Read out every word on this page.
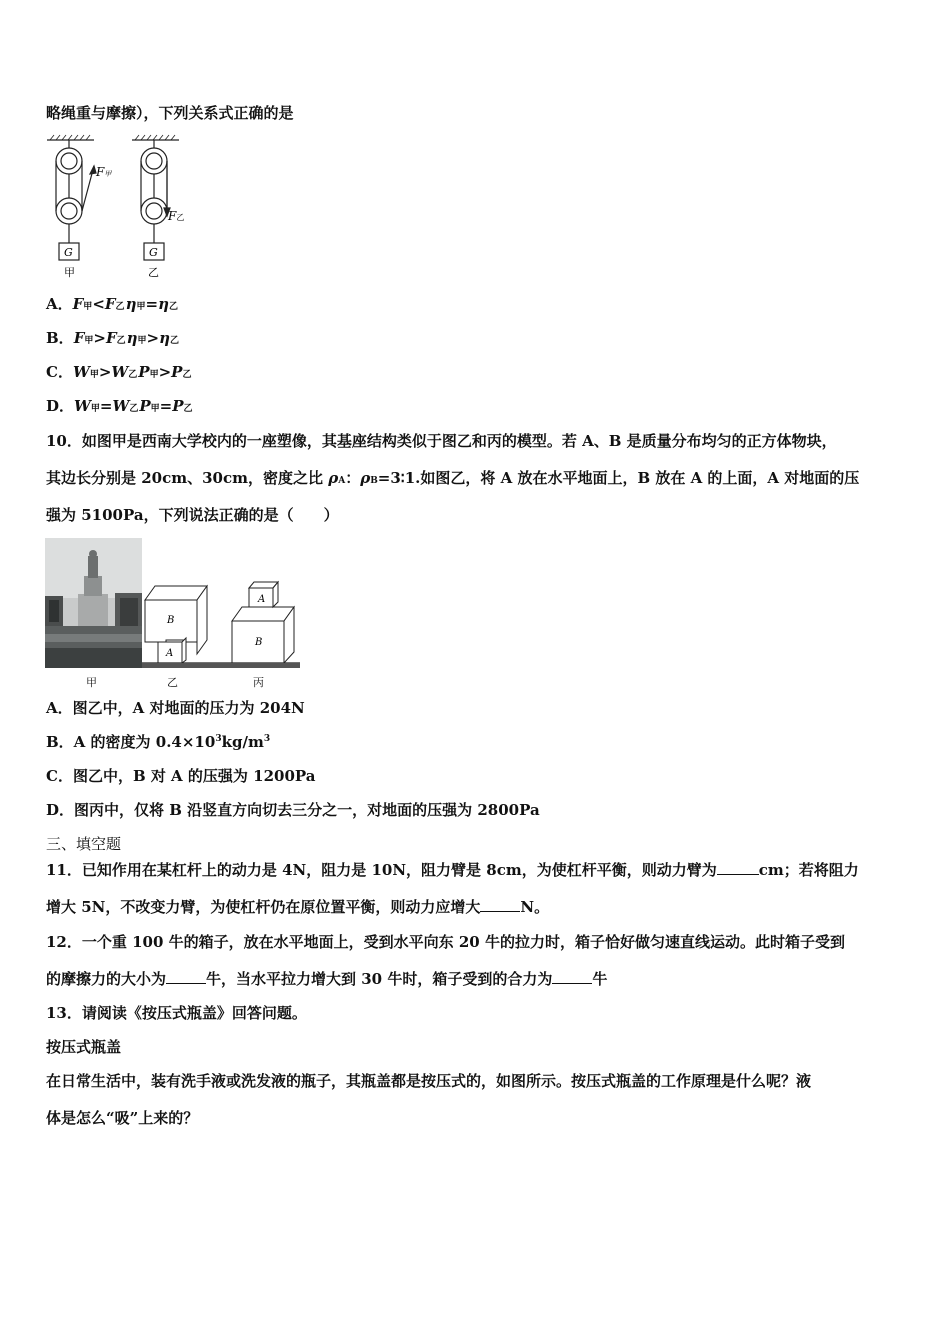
略绳重与摩擦），下列关系式正确的是
F甲
F乙
G	G
甲	乙
A．F甲<F乙η甲=η乙
B．F甲>F乙η甲>η乙
C．W甲>W乙P甲>P乙
D．W甲=W乙P甲=P乙
10．如图甲是西南大学校内的一座塑像，其基座结构类似于图乙和丙的模型。若 A、B 是质量分布均匀的正方体物块，
其边长分别是 20cm、30cm，密度之比 ρA：ρB=3∶1.如图乙，将 A 放在水平地面上，B 放在 A 的上面，A 对地面的压
强为 5100Pa，下列说法正确的是（　　）
甲
B
A
B
A
乙	丙
A．图乙中，A 对地面的压力为 204N
B．A 的密度为 $0.4\times 10^3kg/m^3$
C．图乙中，B 对 A 的压强为 1200Pa
D．图丙中，仅将 B 沿竖直方向切去三分之一，对地面的压强为 2800Pa
三、填空题
11．已知作用在某杠杆上的动力是 4N，阻力是 10N，阻力臂是 8cm，为使杠杆平衡，则动力臂为	cm；若将阻力
增大 5N，不改变力臂，为使杠杆仍在原位置平衡，则动力应增大	N。
12．一个重 100 牛的箱子，放在水平地面上，受到水平向东 20 牛的拉力时，箱子恰好做匀速直线运动。此时箱子受到
的摩擦力的大小为	牛，当水平拉力增大到 30 牛时，箱子受到的合力为	牛
13．请阅读《按压式瓶盖》回答问题。
按压式瓶盖
在日常生活中，装有洗手液或洗发液的瓶子，其瓶盖都是按压式的，如图所示。按压式瓶盖的工作原理是什么呢？液
体是怎么“吸”上来的？
